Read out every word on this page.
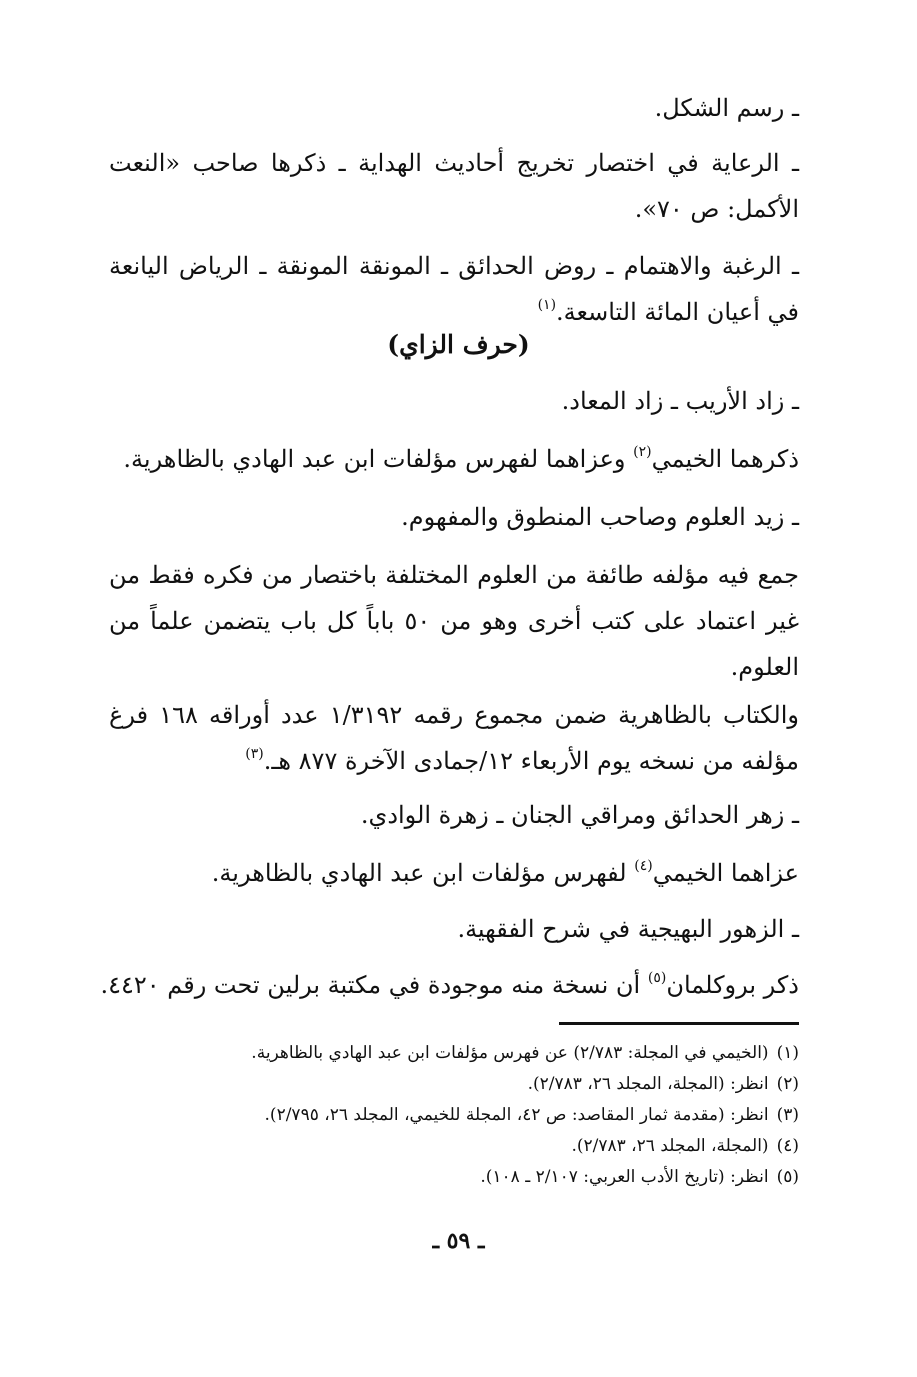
ـ رسم الشكل.
ـ الرعاية في اختصار تخريج أحاديث الهداية ـ ذكرها صاحب «النعت الأكمل: ص ٧٠».
ـ الرغبة والاهتمام ـ روض الحدائق ـ المونقة المونقة ـ الرياض اليانعة في أعيان المائة التاسعة.$^{(١)}$
(حرف الزاي)
ـ زاد الأريب ـ زاد المعاد.
ذكرهما الخيمي$^{(٢)}$ وعزاهما لفهرس مؤلفات ابن عبد الهادي بالظاهرية.
ـ زيد العلوم وصاحب المنطوق والمفهوم.
جمع فيه مؤلفه طائفة من العلوم المختلفة باختصار من فكره فقط من غير اعتماد على كتب أخرى وهو من ٥٠ باباً كل باب يتضمن علماً من العلوم.
والكتاب بالظاهرية ضمن مجموع رقمه ١/٣١٩٢ عدد أوراقه ١٦٨ فرغ مؤلفه من نسخه يوم الأربعاء ١٢/جمادى الآخرة ٨٧٧ هـ.$^{(٣)}$
ـ زهر الحدائق ومراقي الجنان ـ زهرة الوادي.
عزاهما الخيمي$^{(٤)}$ لفهرس مؤلفات ابن عبد الهادي بالظاهرية.
ـ الزهور البهيجية في شرح الفقهية.
ذكر بروكلمان$^{(٥)}$ أن نسخة منه موجودة في مكتبة برلين تحت رقم ٤٤٢٠.
(١)(الخيمي في المجلة: ٢/٧٨٣) عن فهرس مؤلفات ابن عبد الهادي بالظاهرية.
(٢)انظر: (المجلة، المجلد ٢٦، ٢/٧٨٣).
(٣)انظر: (مقدمة ثمار المقاصد: ص ٤٢، المجلة للخيمي، المجلد ٢٦، ٢/٧٩٥).
(٤)(المجلة، المجلد ٢٦، ٢/٧٨٣).
(٥)انظر: (تاريخ الأدب العربي: ٢/١٠٧ ـ ١٠٨).
ـ ٥٩ ـ
